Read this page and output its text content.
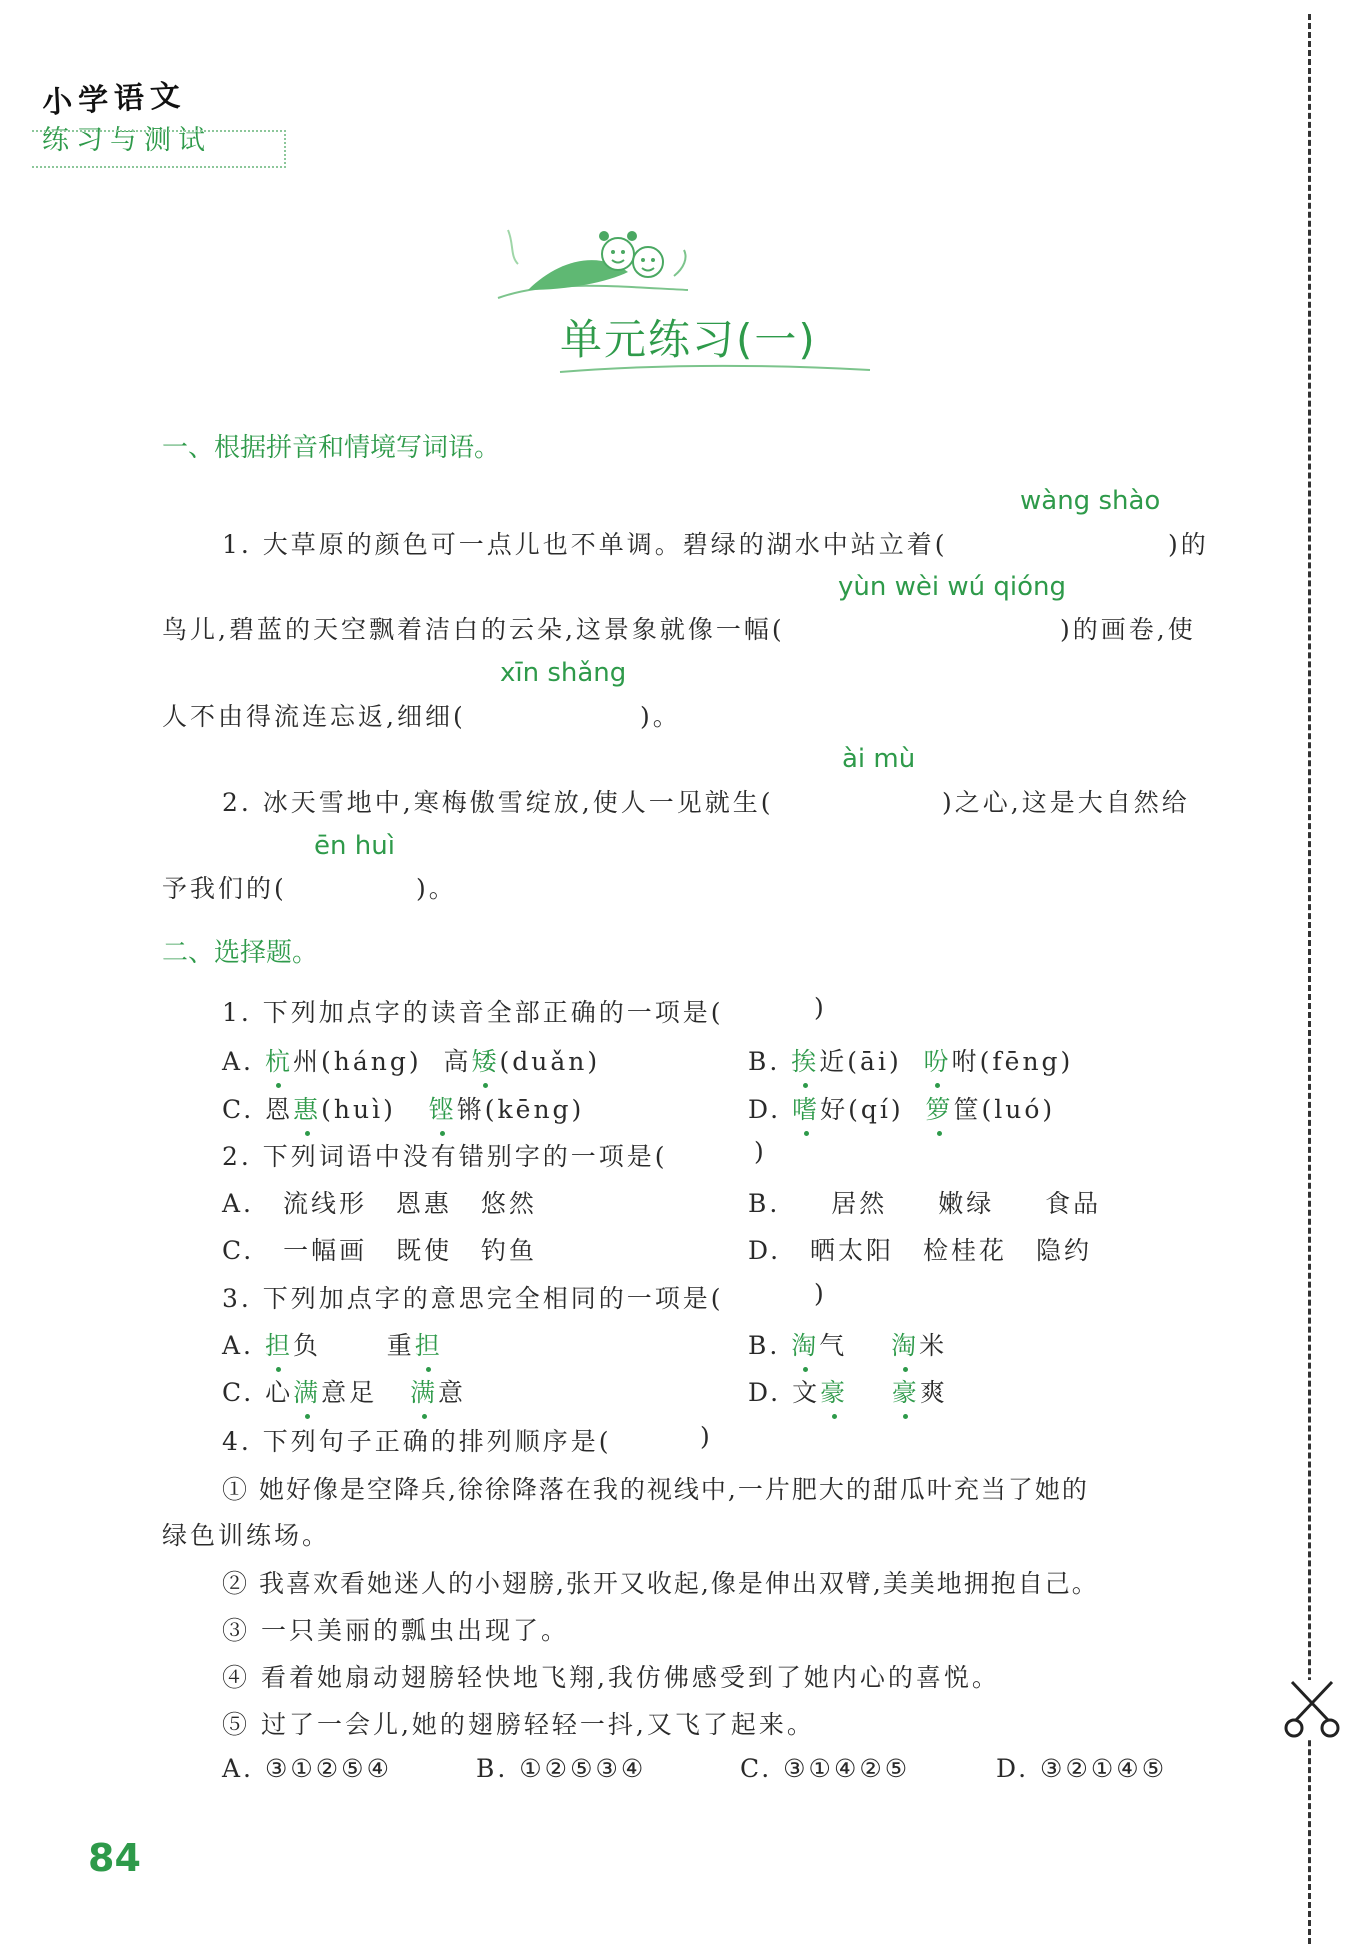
小学语文
练习与测试
单元练习(一)
一、根据拼音和情境写词语。
wàng shào
1. 大草原的颜色可一点儿也不单调。碧绿的湖水中站立着(	)的
yùn wèi wú qióng
鸟儿,碧蓝的天空飘着洁白的云朵,这景象就像一幅(	)的画卷,使
xīn shǎng
人不由得流连忘返,细细(	)。
ài mù
2. 冰天雪地中,寒梅傲雪绽放,使人一见就生(	)之心,这是大自然给
ēn huì
予我们的(	)。
二、选择题。
1. 下列加点字的读音全部正确的一项是(	)
A. 杭州(háng) 高矮(duǎn)	B. 挨近(āi) 吩咐(fēng)
C. 恩惠(huì) 铿锵(kēng)	D. 嗜好(qí) 箩筐(luó)
2. 下列词语中没有错别字的一项是(	)
A. 流线形 恩惠 悠然	B. 居然 嫩绿 食品
C. 一幅画 既使 钓鱼	D. 晒太阳 检桂花 隐约
3. 下列加点字的意思完全相同的一项是(	)
A. 担负	重担	B. 淘气 淘米
C. 心满意足 满意	D. 文豪 豪爽
4. 下列句子正确的排列顺序是(	)
① 她好像是空降兵,徐徐降落在我的视线中,一片肥大的甜瓜叶充当了她的
绿色训练场。
② 我喜欢看她迷人的小翅膀,张开又收起,像是伸出双臂,美美地拥抱自己。
③ 一只美丽的瓢虫出现了。
④ 看着她扇动翅膀轻快地飞翔,我仿佛感受到了她内心的喜悦。
⑤ 过了一会儿,她的翅膀轻轻一抖,又飞了起来。
A. ③①②⑤④	B. ①②⑤③④	C. ③①④②⑤	D. ③②①④⑤
84
